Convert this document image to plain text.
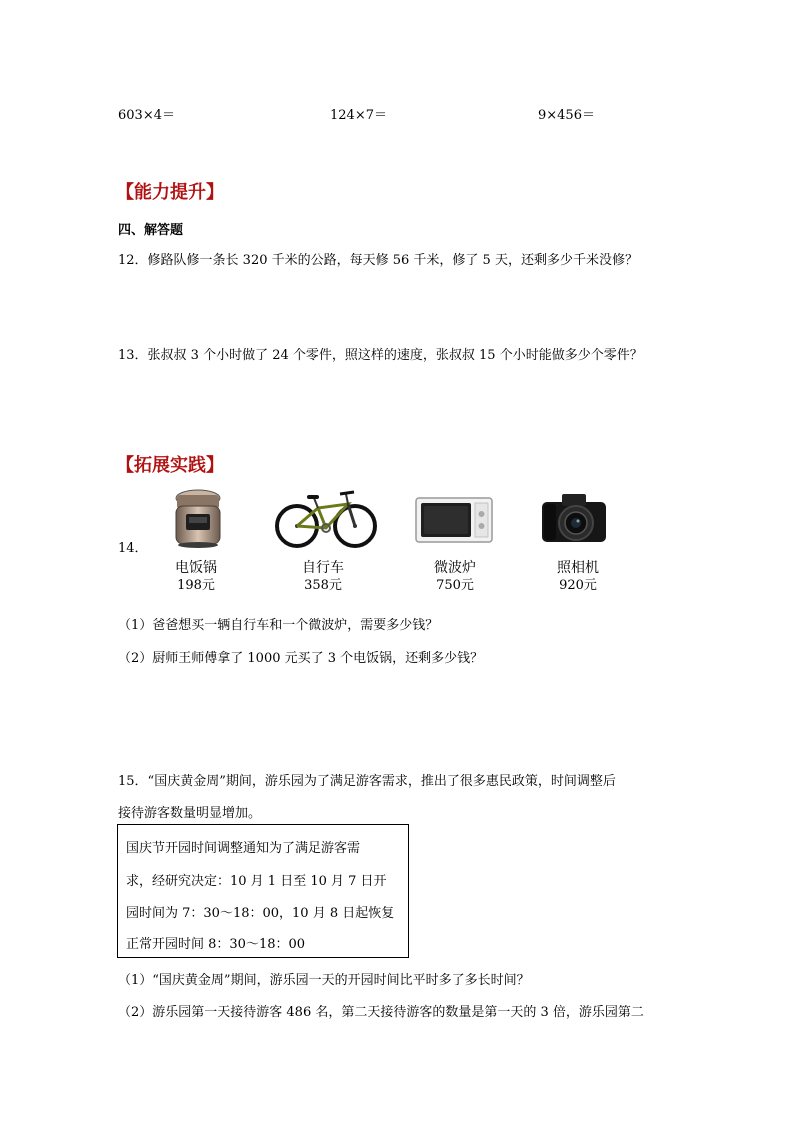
603×4＝	124×7＝	9×456＝
【能力提升】
四、解答题
12．修路队修一条长 320 千米的公路，每天修 56 千米，修了 5 天，还剩多少千米没修？
13．张叔叔 3 个小时做了 24 个零件，照这样的速度，张叔叔 15 个小时能做多少个零件？
【拓展实践】
14．
电饭锅
198元
自行车
358元
微波炉
750元
照相机
920元
（1）爸爸想买一辆自行车和一个微波炉，需要多少钱？
（2）厨师王师傅拿了 1000 元买了 3 个电饭锅，还剩多少钱？
15．“国庆黄金周”期间，游乐园为了满足游客需求，推出了很多惠民政策，时间调整后
接待游客数量明显增加。
国庆节开园时间调整通知为了满足游客需
求，经研究决定：10 月 1 日至 10 月 7 日开
园时间为 7：30～18：00，10 月 8 日起恢复
正常开园时间 8：30～18：00
（1）“国庆黄金周”期间，游乐园一天的开园时间比平时多了多长时间？
（2）游乐园第一天接待游客 486 名，第二天接待游客的数量是第一天的 3 倍，游乐园第二
